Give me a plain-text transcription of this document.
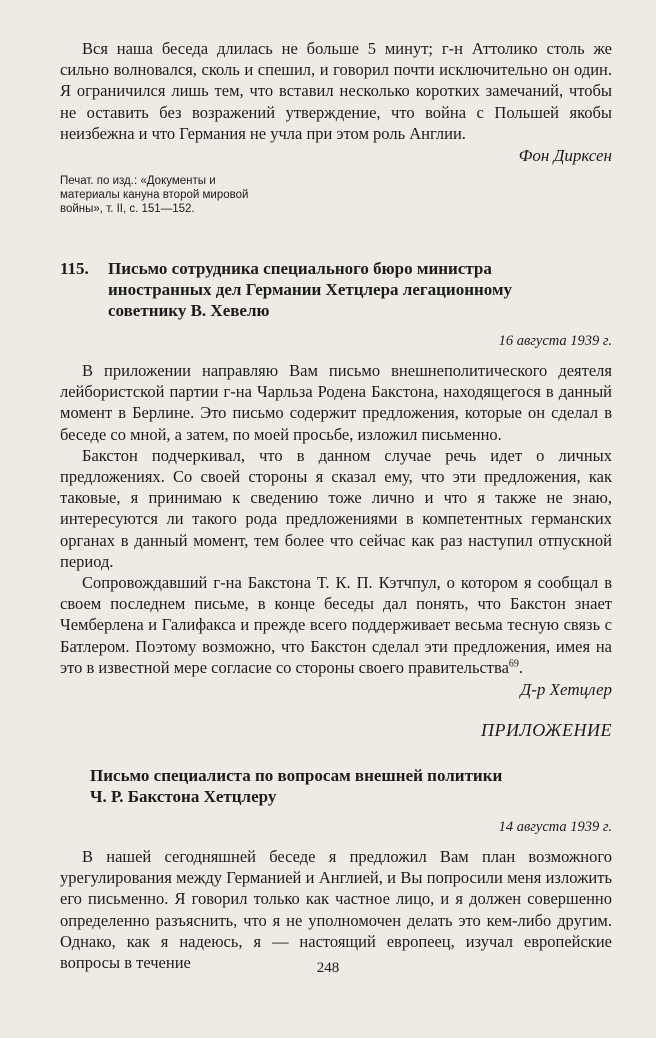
Вся наша беседа длилась не больше 5 минут; г-н Аттолико столь же сильно волновался, сколь и спешил, и говорил почти исключительно он один. Я ограничился лишь тем, что вставил несколько коротких замечаний, чтобы не оставить без возражений утверждение, что война с Польшей якобы неизбежна и что Германия не учла при этом роль Англии.

Фон Дирксен
Печат. по изд.: «Документы и материалы кануна второй мировой войны», т. II, с. 151—152.
115.	Письмо сотрудника специального бюро министра иностранных дел Германии Хетцлера легационному советнику В. Хевелю
16 августа 1939 г.

В приложении направляю Вам письмо внешнеполитического деятеля лейбористской партии г-на Чарльза Родена Бакстона, находящегося в данный момент в Берлине. Это письмо содержит предложения, которые он сделал в беседе со мной, а затем, по моей просьбе, изложил письменно.

Бакстон подчеркивал, что в данном случае речь идет о личных предложениях. Со своей стороны я сказал ему, что эти предложения, как таковые, я принимаю к сведению тоже лично и что я также не знаю, интересуются ли такого рода предложениями в компетентных германских органах в данный момент, тем более что сейчас как раз наступил отпускной период.

Сопровождавший г-на Бакстона Т. К. П. Кэтчпул, о котором я сообщал в своем последнем письме, в конце беседы дал понять, что Бакстон знает Чемберлена и Галифакса и прежде всего поддерживает весьма тесную связь с Батлером. Поэтому возможно, что Бакстон сделал эти предложения, имея на это в известной мере согласие со стороны своего правительства$^{69}$.

Д-р Хетцлер
ПРИЛОЖЕНИЕ
Письмо специалиста по вопросам внешней политики Ч. Р. Бакстона Хетцлеру
14 августа 1939 г.

В нашей сегодняшней беседе я предложил Вам план возможного урегулирования между Германией и Англией, и Вы попросили меня изложить его письменно. Я говорил только как частное лицо, и я должен совершенно определенно разъяснить, что я не уполномочен делать это кем-либо другим. Однако, как я надеюсь, я — настоящий европеец, изучал европейские вопросы в течение	248
